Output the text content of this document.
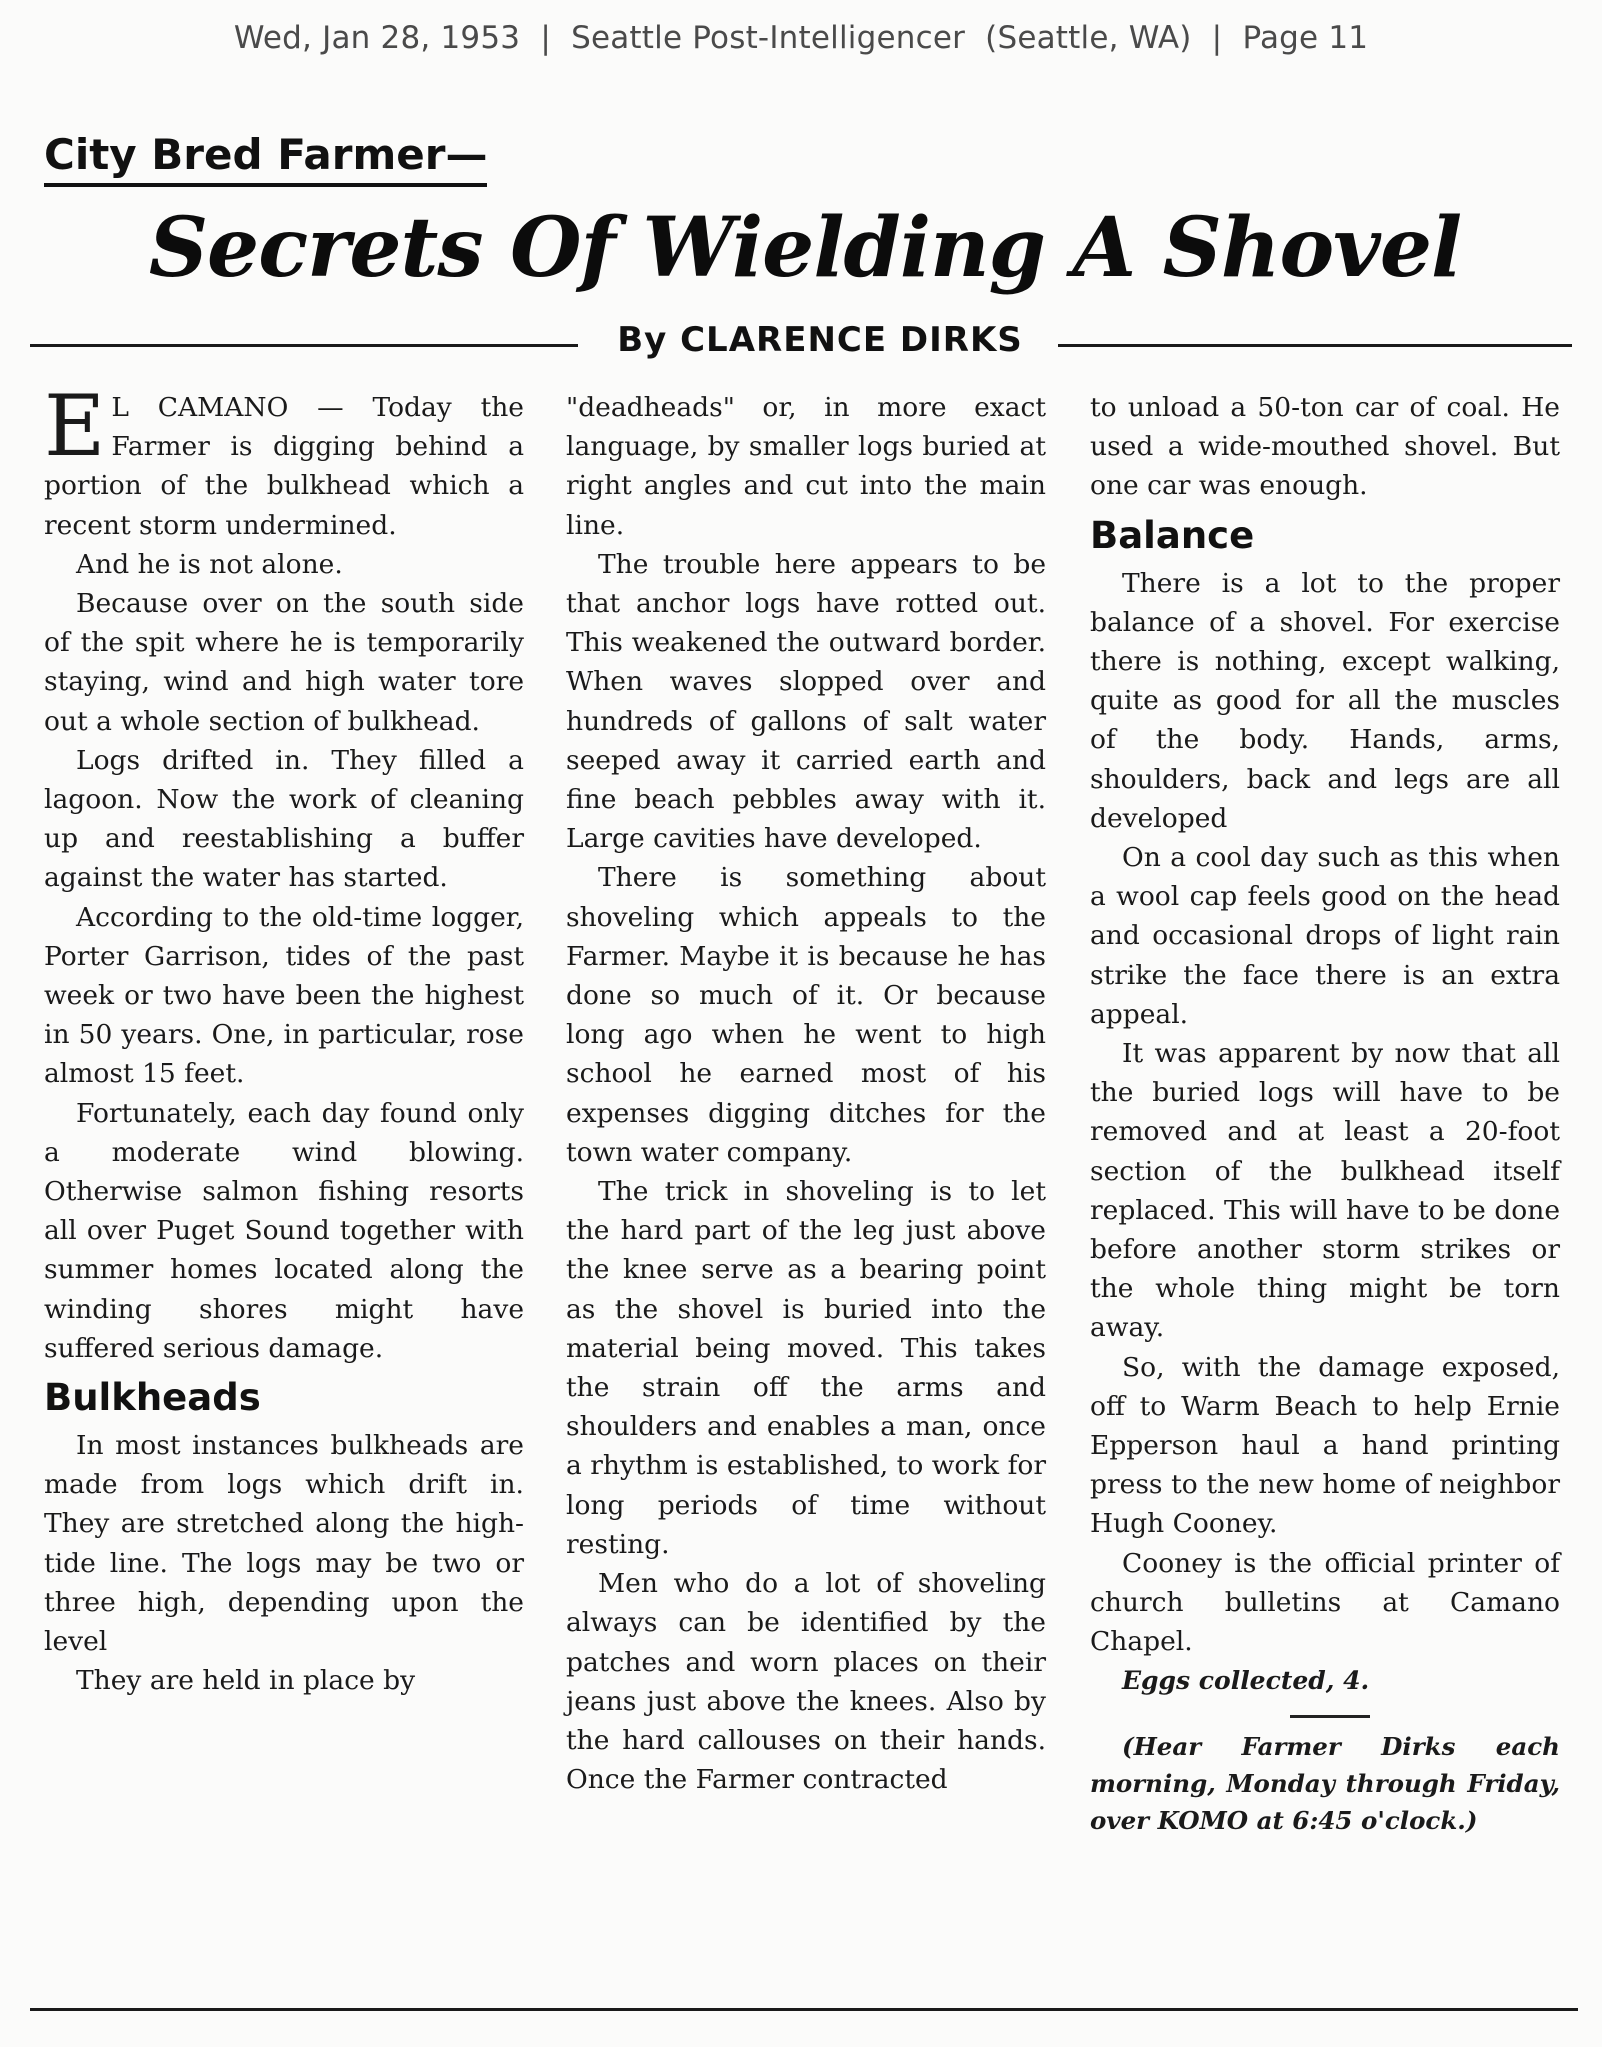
Wed, Jan 28, 1953 | Seattle Post-Intelligencer (Seattle, WA) | Page 11
City Bred Farmer—
Secrets Of Wielding A Shovel
By CLARENCE DIRKS

E L CAMANO — Today the Farmer is digging behind a portion of the bulkhead which a recent storm undermined.

And he is not alone.

Because over on the south side of the spit where he is temporarily staying, wind and high water tore out a whole section of bulkhead.

Logs drifted in. They filled a lagoon. Now the work of cleaning up and reestablishing a buffer against the water has started.

According to the old-time logger, Porter Garrison, tides of the past week or two have been the highest in 50 years. One, in particular, rose almost 15 feet.

Fortunately, each day found only a moderate wind blowing. Otherwise salmon fishing resorts all over Puget Sound together with summer homes located along the winding shores might have suffered serious damage.

Bulkheads

In most instances bulkheads are made from logs which drift in. They are stretched along the high-tide line. The logs may be two or three high, depending upon the level

They are held in place by

"deadheads" or, in more exact language, by smaller logs buried at right angles and cut into the main line.

The trouble here appears to be that anchor logs have rotted out. This weakened the outward border. When waves slopped over and hundreds of gallons of salt water seeped away it carried earth and fine beach pebbles away with it. Large cavities have developed.

There is something about shoveling which appeals to the Farmer. Maybe it is because he has done so much of it. Or because long ago when he went to high school he earned most of his expenses digging ditches for the town water company.

The trick in shoveling is to let the hard part of the leg just above the knee serve as a bearing point as the shovel is buried into the material being moved. This takes the strain off the arms and shoulders and enables a man, once a rhythm is established, to work for long periods of time without resting.

Men who do a lot of shoveling always can be identified by the patches and worn places on their jeans just above the knees. Also by the hard callouses on their hands. Once the Farmer contracted

to unload a 50-ton car of coal. He used a wide-mouthed shovel. But one car was enough.

Balance

There is a lot to the proper balance of a shovel. For exercise there is nothing, except walking, quite as good for all the muscles of the body. Hands, arms, shoulders, back and legs are all developed

On a cool day such as this when a wool cap feels good on the head and occasional drops of light rain strike the face there is an extra appeal.

It was apparent by now that all the buried logs will have to be removed and at least a 20-foot section of the bulkhead itself replaced. This will have to be done before another storm strikes or the whole thing might be torn away.

So, with the damage exposed, off to Warm Beach to help Ernie Epperson haul a hand printing press to the new home of neighbor Hugh Cooney.

Cooney is the official printer of church bulletins at Camano Chapel.

Eggs collected, 4.

(Hear Farmer Dirks each morning, Monday through Friday, over KOMO at 6:45 o'clock.)
